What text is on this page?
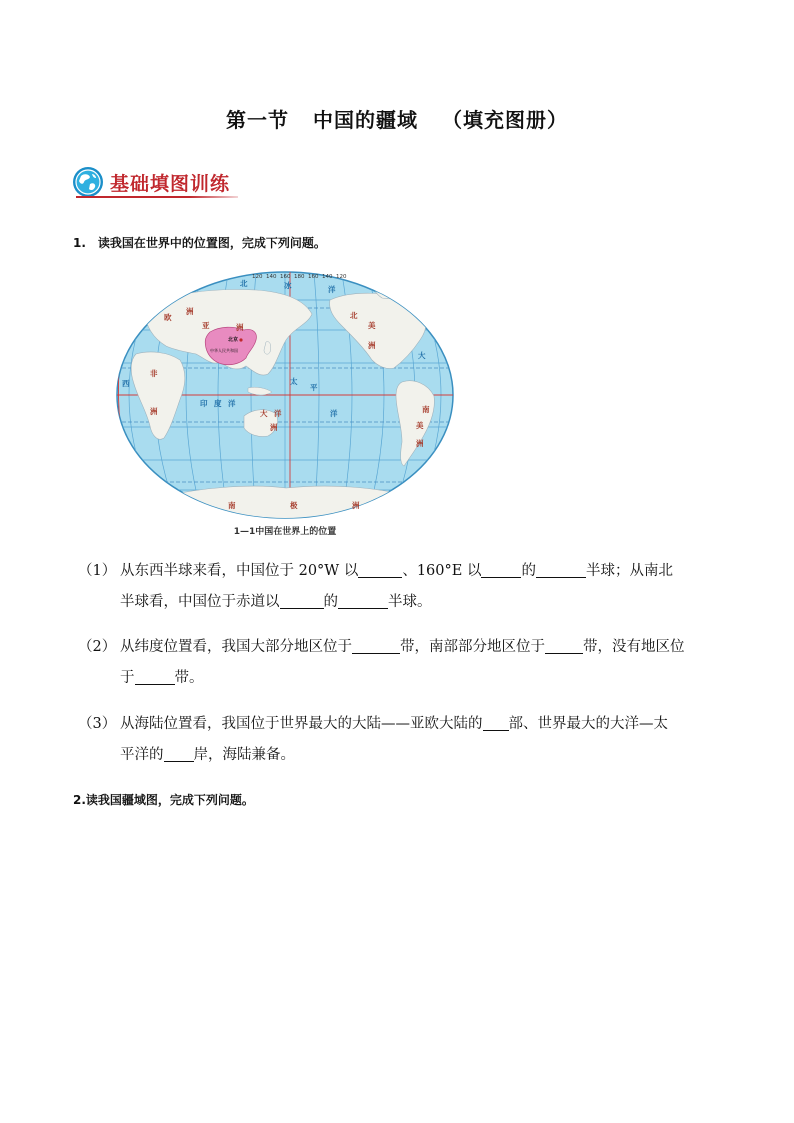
第一节 中国的疆域 （填充图册）
基础填图训练
1. 读我国在世界中的位置图，完成下列问题。
120 140 160 180 160 140 120
北	冰	洋
印 度 洋
太
平
洋
大
西
欧
洲
亚	洲
非
洲	大 洋
洲
北
美
洲
南
美
洲
南	极	洲
北京
中华人民共和国
1—1中国在世界上的位置
（1） 从东西半球来看，中国位于 20°W 以	、160°E 以	的	半球；从南北
半球看，中国位于赤道以	的	半球。
（2） 从纬度位置看，我国大部分地区位于	带，南部部分地区位于	带，没有地区位
于	带。
（3） 从海陆位置看，我国位于世界最大的大陆——亚欧大陆的 部、世界最大的大洋—太
平洋的 岸，海陆兼备。
2.读我国疆域图，完成下列问题。
